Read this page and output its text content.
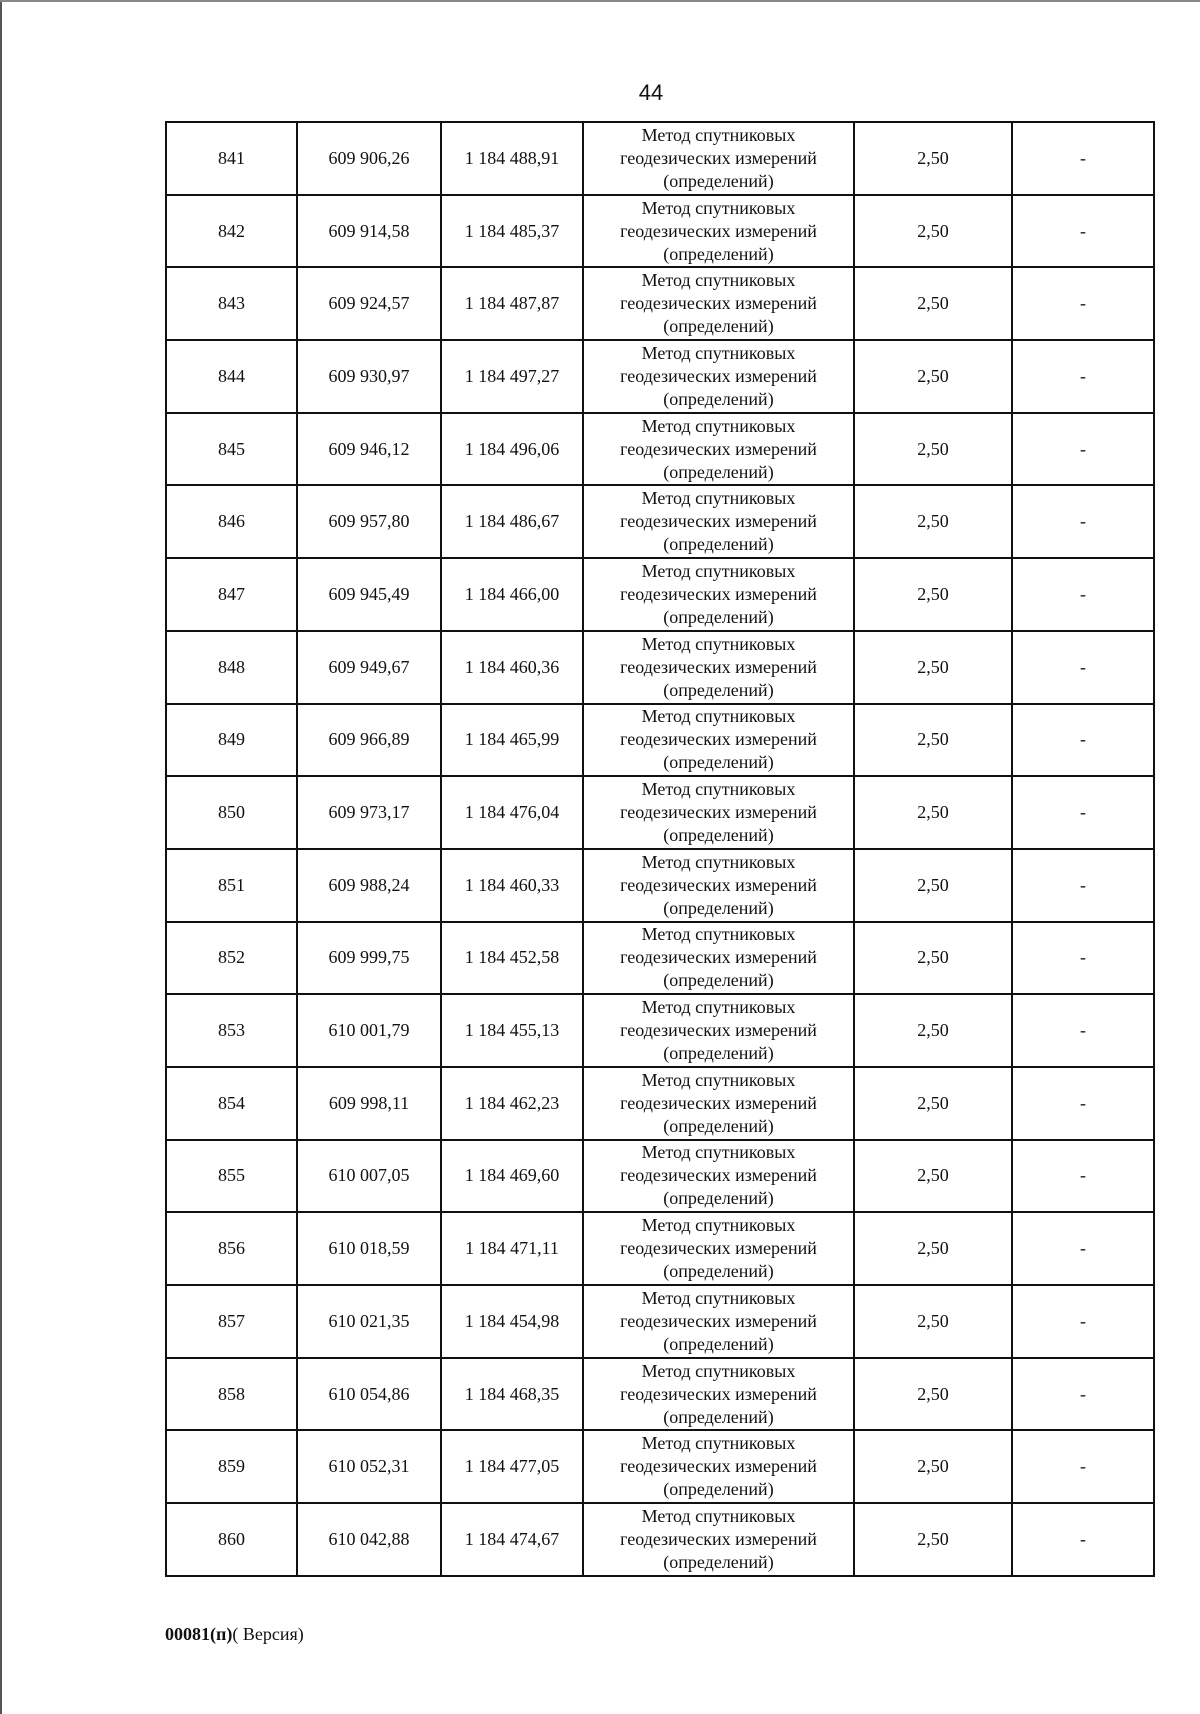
44
841	609 906,26	1 184 488,91	Метод спутниковых
геодезических измерений
(определений)	2,50	-
842	609 914,58	1 184 485,37	Метод спутниковых
геодезических измерений
(определений)	2,50	-
843	609 924,57	1 184 487,87	Метод спутниковых
геодезических измерений
(определений)	2,50	-
844	609 930,97	1 184 497,27	Метод спутниковых
геодезических измерений
(определений)	2,50	-
845	609 946,12	1 184 496,06	Метод спутниковых
геодезических измерений
(определений)	2,50	-
846	609 957,80	1 184 486,67	Метод спутниковых
геодезических измерений
(определений)	2,50	-
847	609 945,49	1 184 466,00	Метод спутниковых
геодезических измерений
(определений)	2,50	-
848	609 949,67	1 184 460,36	Метод спутниковых
геодезических измерений
(определений)	2,50	-
849	609 966,89	1 184 465,99	Метод спутниковых
геодезических измерений
(определений)	2,50	-
850	609 973,17	1 184 476,04	Метод спутниковых
геодезических измерений
(определений)	2,50	-
851	609 988,24	1 184 460,33	Метод спутниковых
геодезических измерений
(определений)	2,50	-
852	609 999,75	1 184 452,58	Метод спутниковых
геодезических измерений
(определений)	2,50	-
853	610 001,79	1 184 455,13	Метод спутниковых
геодезических измерений
(определений)	2,50	-
854	609 998,11	1 184 462,23	Метод спутниковых
геодезических измерений
(определений)	2,50	-
855	610 007,05	1 184 469,60	Метод спутниковых
геодезических измерений
(определений)	2,50	-
856	610 018,59	1 184 471,11	Метод спутниковых
геодезических измерений
(определений)	2,50	-
857	610 021,35	1 184 454,98	Метод спутниковых
геодезических измерений
(определений)	2,50	-
858	610 054,86	1 184 468,35	Метод спутниковых
геодезических измерений
(определений)	2,50	-
859	610 052,31	1 184 477,05	Метод спутниковых
геодезических измерений
(определений)	2,50	-
860	610 042,88	1 184 474,67	Метод спутниковых
геодезических измерений
(определений)	2,50	-
00081(п)( Версия)
